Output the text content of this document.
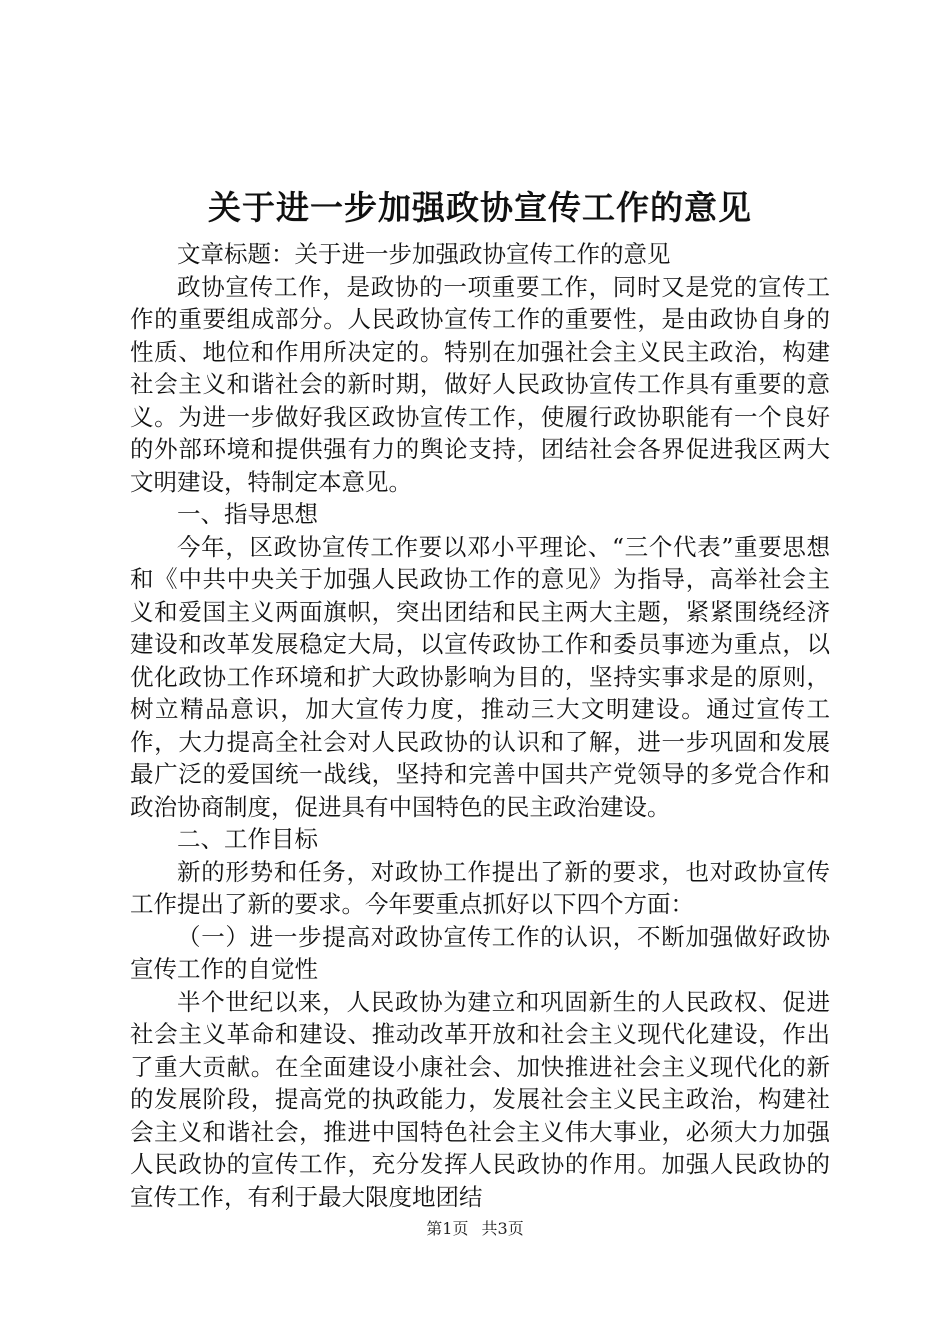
关于进一步加强政协宣传工作的意见

文章标题：关于进一步加强政协宣传工作的意见

政协宣传工作，是政协的一项重要工作，同时又是党的宣传工作的重要组成部分。人民政协宣传工作的重要性，是由政协自身的性质、地位和作用所决定的。特别在加强社会主义民主政治，构建社会主义和谐社会的新时期，做好人民政协宣传工作具有重要的意义。为进一步做好我区政协宣传工作，使履行政协职能有一个良好的外部环境和提供强有力的舆论支持，团结社会各界促进我区两大文明建设，特制定本意见。

一、指导思想

今年，区政协宣传工作要以邓小平理论、“三个代表”重要思想和《中共中央关于加强人民政协工作的意见》为指导，高举社会主义和爱国主义两面旗帜，突出团结和民主两大主题，紧紧围绕经济建设和改革发展稳定大局，以宣传政协工作和委员事迹为重点，以优化政协工作环境和扩大政协影响为目的，坚持实事求是的原则，树立精品意识，加大宣传力度，推动三大文明建设。通过宣传工作，大力提高全社会对人民政协的认识和了解，进一步巩固和发展最广泛的爱国统一战线，坚持和完善中国共产党领导的多党合作和政治协商制度，促进具有中国特色的民主政治建设。

二、工作目标

新的形势和任务，对政协工作提出了新的要求，也对政协宣传工作提出了新的要求。今年要重点抓好以下四个方面：

（一）进一步提高对政协宣传工作的认识，不断加强做好政协宣传工作的自觉性

半个世纪以来，人民政协为建立和巩固新生的人民政权、促进社会主义革命和建设、推动改革开放和社会主义现代化建设，作出了重大贡献。在全面建设小康社会、加快推进社会主义现代化的新的发展阶段，提高党的执政能力，发展社会主义民主政治，构建社会主义和谐社会，推进中国特色社会主义伟大事业，必须大力加强人民政协的宣传工作，充分发挥人民政协的作用。加强人民政协的宣传工作，有利于最大限度地团结

第1页 共3页
